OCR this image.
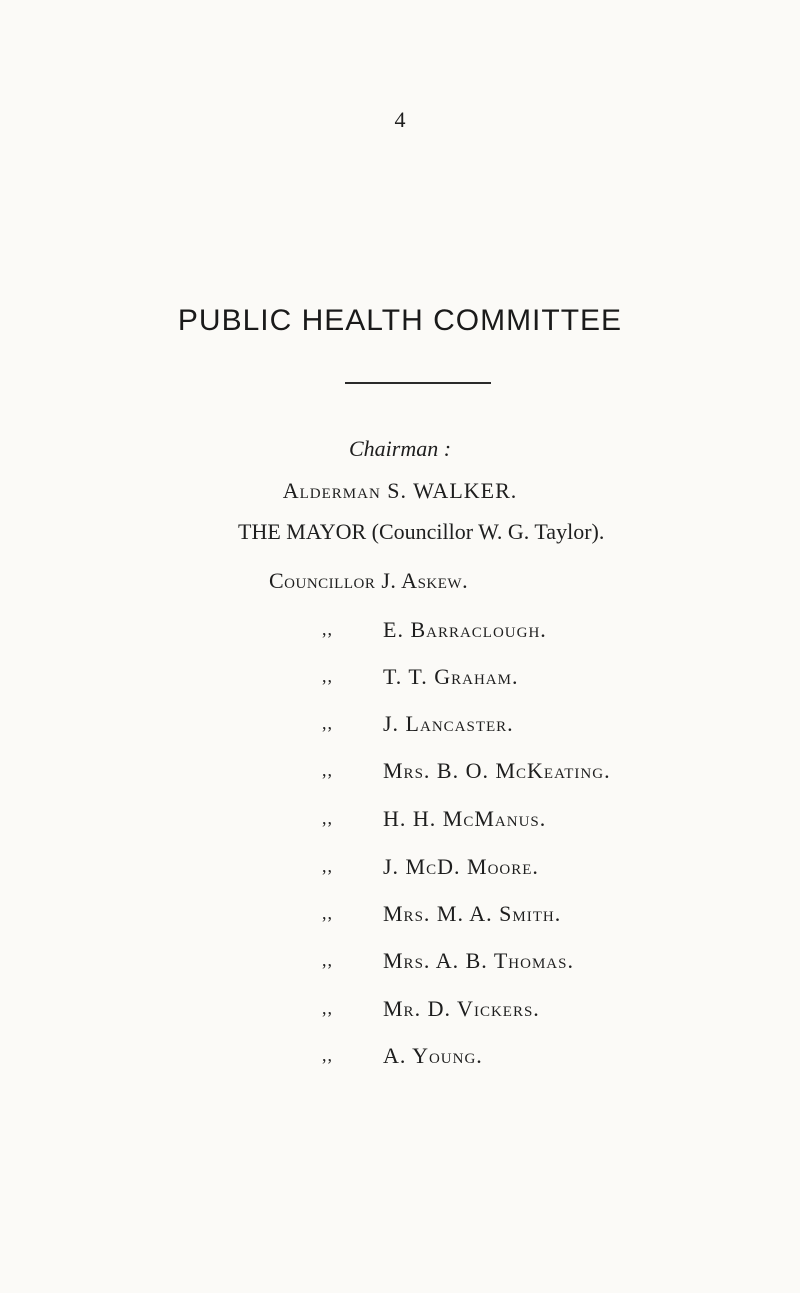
4
PUBLIC HEALTH COMMITTEE
Chairman :
Alderman S. WALKER.
THE MAYOR (Councillor W. G. Taylor).
Councillor J. Askew.
,, E. Barraclough.
,, T. T. Graham.
,, J. Lancaster.
,, Mrs. B. O. McKeating.
,, H. H. McManus.
,, J. McD. Moore.
,, Mrs. M. A. Smith.
,, Mrs. A. B. Thomas.
,, Mr. D. Vickers.
,, A. Young.
